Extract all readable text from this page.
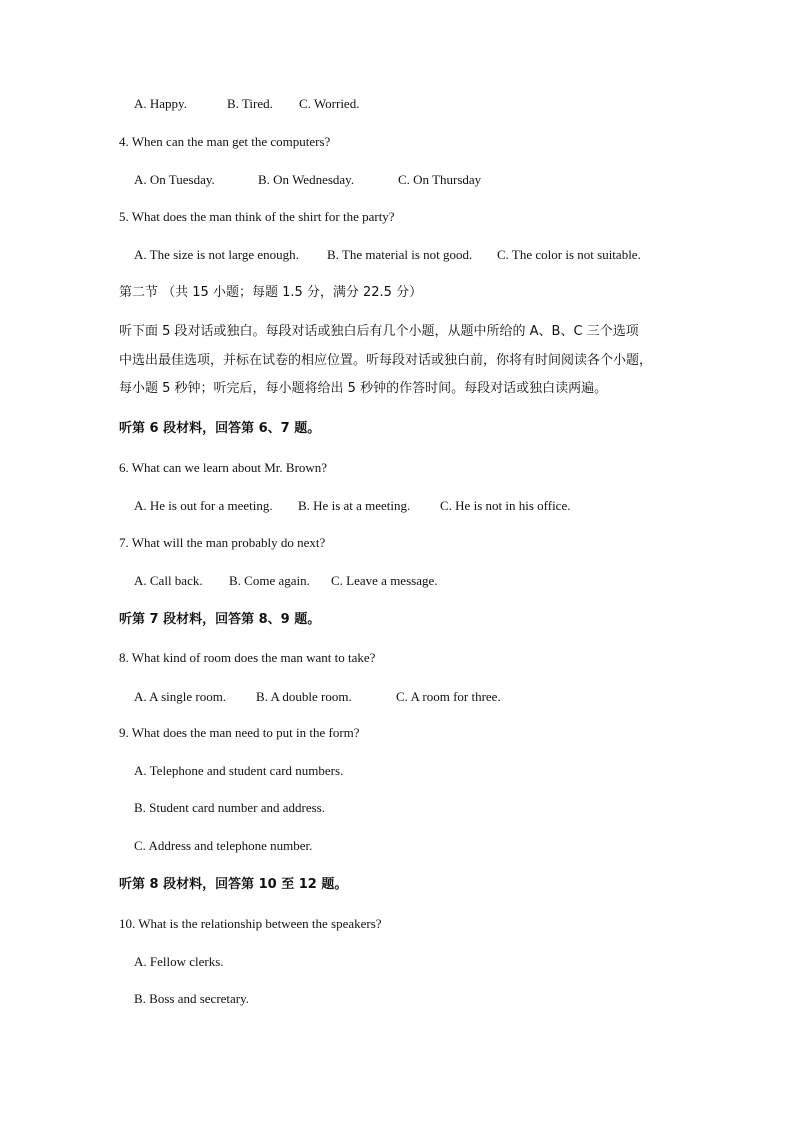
A. Happy.	B. Tired. C. Worried.
4. When can the man get the computers?
A. On Tuesday.	B. On Wednesday.	C. On Thursday
5. What does the man think of the shirt for the party?
A. The size is not large enough. B. The material is not good. C. The color is not suitable.
第二节 （共 15 小题；每题 1.5 分，满分 22.5 分）
听下面 5 段对话或独白。每段对话或独白后有几个小题，从题中所给的 A、B、C 三个选项
中选出最佳选项，并标在试卷的相应位置。听每段对话或独白前，你将有时间阅读各个小题，
每小题 5 秒钟；听完后，每小题将给出 5 秒钟的作答时间。每段对话或独白读两遍。
听第 6 段材料，回答第 6、7 题。
6. What can we learn about Mr. Brown?
A. He is out for a meeting. B. He is at a meeting. C. He is not in his office.
7. What will the man probably do next?
A. Call back. B. Come again. C. Leave a message.
听第 7 段材料，回答第 8、9 题。
8. What kind of room does the man want to take?
A. A single room. B. A double room.	C. A room for three.
9. What does the man need to put in the form?
A. Telephone and student card numbers.
B. Student card number and address.
C. Address and telephone number.
听第 8 段材料，回答第 10 至 12 题。
10. What is the relationship between the speakers?
A. Fellow clerks.
B. Boss and secretary.
